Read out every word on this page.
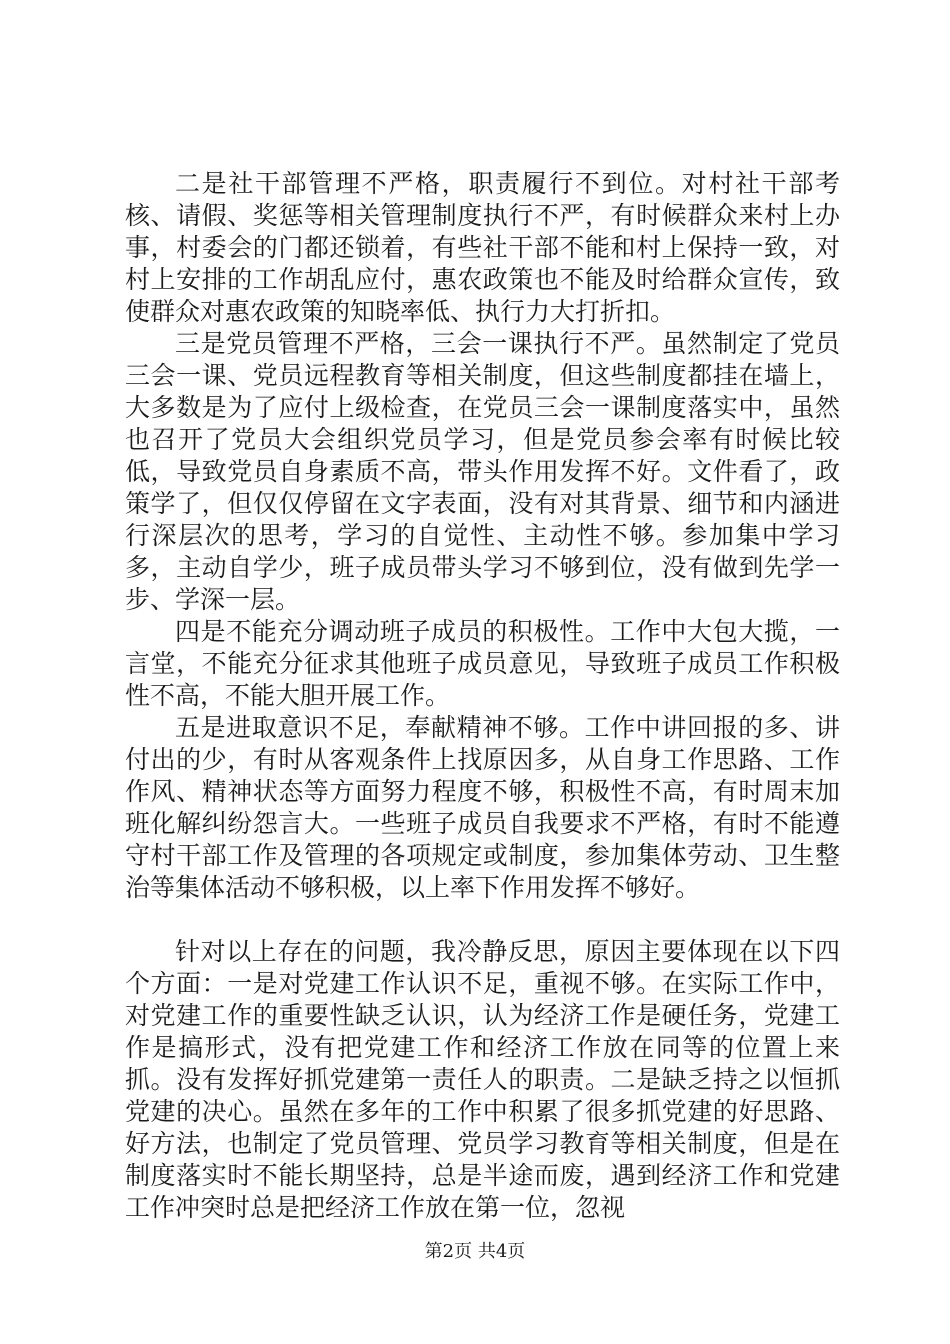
二是社干部管理不严格，职责履行不到位。对村社干部考核、请假、奖惩等相关管理制度执行不严，有时候群众来村上办事，村委会的门都还锁着，有些社干部不能和村上保持一致，对村上安排的工作胡乱应付，惠农政策也不能及时给群众宣传，致使群众对惠农政策的知晓率低、执行力大打折扣。

三是党员管理不严格，三会一课执行不严。虽然制定了党员三会一课、党员远程教育等相关制度，但这些制度都挂在墙上，大多数是为了应付上级检查，在党员三会一课制度落实中，虽然也召开了党员大会组织党员学习，但是党员参会率有时候比较低，导致党员自身素质不高，带头作用发挥不好。文件看了，政策学了，但仅仅停留在文字表面，没有对其背景、细节和内涵进行深层次的思考，学习的自觉性、主动性不够。参加集中学习多，主动自学少，班子成员带头学习不够到位，没有做到先学一步、学深一层。

四是不能充分调动班子成员的积极性。工作中大包大揽，一言堂，不能充分征求其他班子成员意见，导致班子成员工作积极性不高，不能大胆开展工作。

五是进取意识不足，奉献精神不够。工作中讲回报的多、讲付出的少，有时从客观条件上找原因多，从自身工作思路、工作作风、精神状态等方面努力程度不够，积极性不高，有时周末加班化解纠纷怨言大。一些班子成员自我要求不严格，有时不能遵守村干部工作及管理的各项规定或制度，参加集体劳动、卫生整治等集体活动不够积极，以上率下作用发挥不够好。

针对以上存在的问题，我冷静反思，原因主要体现在以下四个方面：一是对党建工作认识不足，重视不够。在实际工作中，对党建工作的重要性缺乏认识，认为经济工作是硬任务，党建工作是搞形式，没有把党建工作和经济工作放在同等的位置上来抓。没有发挥好抓党建第一责任人的职责。二是缺乏持之以恒抓党建的决心。虽然在多年的工作中积累了很多抓党建的好思路、好方法，也制定了党员管理、党员学习教育等相关制度，但是在制度落实时不能长期坚持，总是半途而废，遇到经济工作和党建工作冲突时总是把经济工作放在第一位，忽视

第2页 共4页
